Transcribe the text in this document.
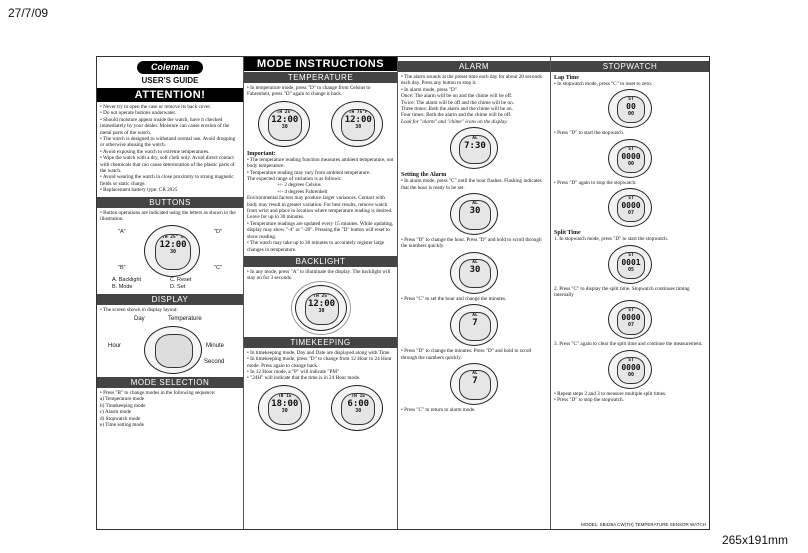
27/7/09
Coleman
USER'S GUIDE
ATTENTION!

• Never try to open the case or remove its back cover.

• Do not operate buttons underwater.

• Should moisture appear inside the watch, have it checked immediately by your dealer. Moisture can cause erosion of the metal parts of the watch.

• The watch is designed to withstand normal use. Avoid dropping or otherwise abusing the watch.

• Avoid exposing the watch to extreme temperatures.

• Wipe the watch with a dry, soft cloth only. Avoid direct contact with chemicals that can cause deterioration of the plastic parts of the watch.

• Avoid wearing the watch in close proximity to strong magnetic fields or static charge.

• Replacement battery type: CR 2025

BUTTONS
• Button operations are indicated using the letters as shown in the illustration.
"A"	"D"
"B"	"C"
TH 25° E
12:00
30
A. Backlight	C. Reset
B. Mode	D. Set
DISPLAY
• The screen shown in display layout:
Day	Temperature
Hour	Minute
Second
MODE SELECTION

• Press "B" to change modes in the following sequence:

a) Temperature mode

b) Timekeeping mode

c) Alarm mode

d) Stopwatch mode

e) Time setting mode

MODE INSTRUCTIONS
TEMPERATURE
• In temperature mode, press "D" to change from Celsius to Fahrenheit, press "D" again to change it back.
TH 25°
12:00
30
TH 75°F
12:00
30
Important:

• The temperature reading function measures ambient temperature, not body temperature.

• Temperature reading may vary from ambient temperature.

The expected range of variation is as follows:

+/- 2 degrees Celsius

+/- 4 degrees Fahrenheit

Environmental factors may produce larger variances. Contact with body may result in greater variation. For best results, remove watch from wrist and place in location where temperature reading is desired. Leave for up to 30 minutes.

• Temperature readings are updated every 15 minutes. While updating, display may show "-4" or "-20". Pressing the "D" button will reset to show reading.

• The watch may take up to 30 minutes to accurately register large changes in temperature.

BACKLIGHT
• In any mode, press "A" to illuminate the display. The backlight will stay on for 3 seconds.
TH 25°
12:00
30
TIMEKEEPING

• In timekeeping mode, Day and Date are displayed along with Time.

• In timekeeping mode, press "D" to change from 12 Hour to 24 Hour mode. Press again to change back.

• In 12 Hour mode, a "P" will indicate "PM"

• "24H" will indicate that the time is in 24 Hour mode.

TH 15
18:00
30
TH 15
6:00
30
ALARM

• The alarm sounds at the preset time each day for about 20 seconds each day. Press any button to stop it.

• In alarm mode, press "D"

Once: The alarm will be on and the chime will be off.

Twice: The alarm will be off and the chime will be on.

Three times: Both the alarm and the chime will be on.

Four times: Both the alarm and the chime will be off.

Look for "alarm" and "chime" icons on the display.

AL
7:30
Setting the Alarm
• In alarm mode, press "C" until the hour flashes. Flashing indicates that the hour is ready to be set.
AL
30
• Press "D" to change the hour. Press "D" and hold to scroll through the numbers quickly.
AL
30
• Press "C" to set the hour and change the minutes.
AL
7
• Press "D" to change the minutes. Press "D" and hold to scroll through the numbers quickly.
AL
7
• Press "C" to return to alarm mode.
STOPWATCH
Lap Time
• In stopwatch mode, press "C" to reset to zero.
ST
00
00
• Press "D" to start the stopwatch.
ST
0000
00
• Press "D" again to stop the stopwatch.
ST
0000
07
Split Time
1. In stopwatch mode, press "D" to start the stopwatch.
ST
0001
05
2. Press "C" to display the split time. Stopwatch continues timing internally
ST
0000
07
3. Press "C" again to clear the split time and continue the measurement.
ST
0000
00

• Repeat steps 2 and 3 to measure multiple split times.

• Press "D" to stop the stopwatch.

MODEL: SB429A CW(TH) TEMPERATURE SENSOR WATCH
265x191mm
